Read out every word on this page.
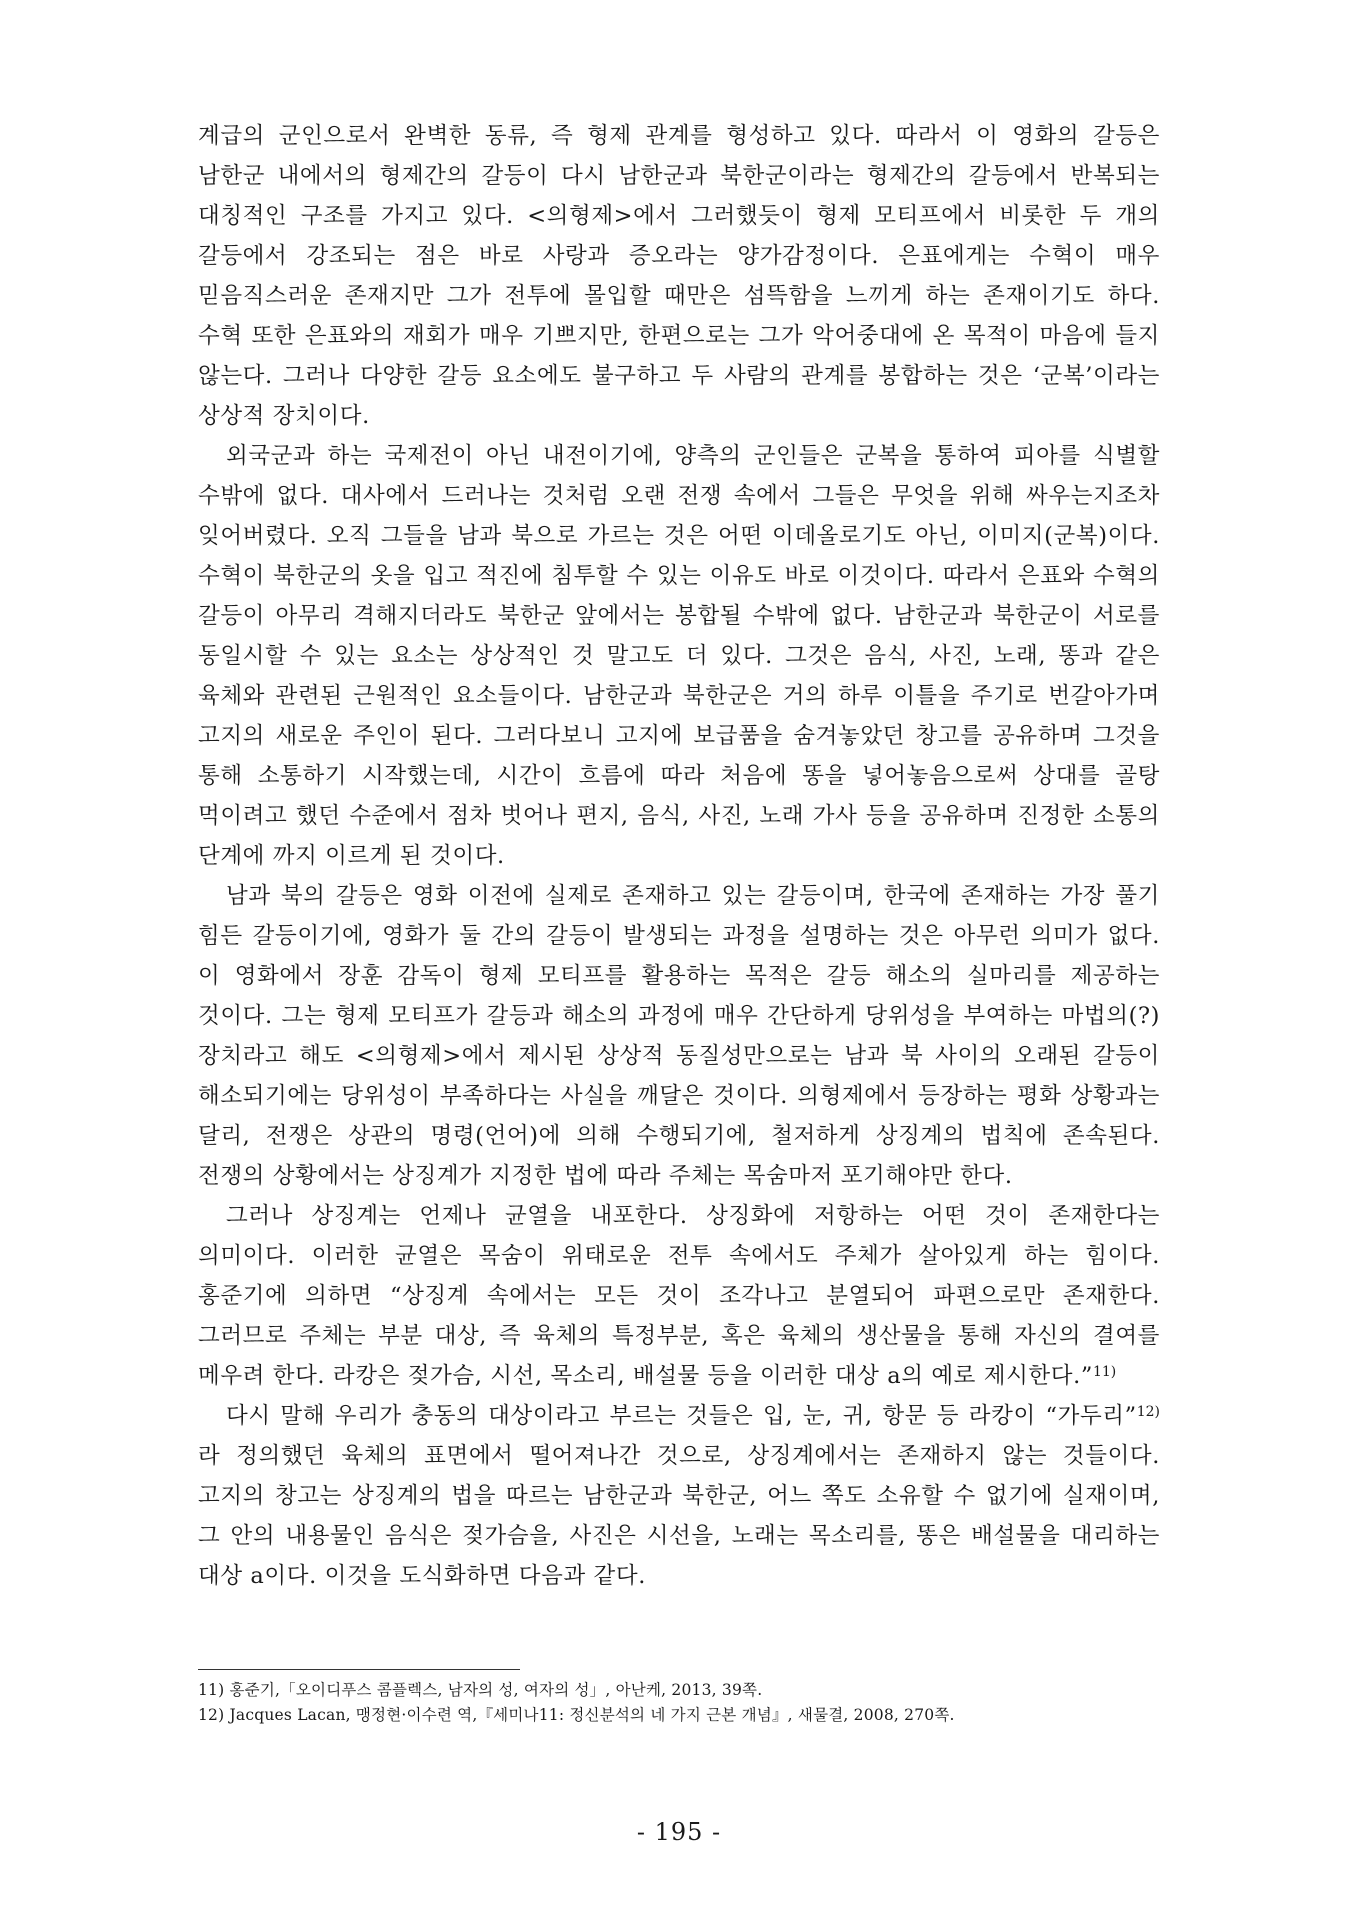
계급의 군인으로서 완벽한 동류, 즉 형제 관계를 형성하고 있다. 따라서 이 영화의 갈등은 남한군 내에서의 형제간의 갈등이 다시 남한군과 북한군이라는 형제간의 갈등에서 반복되는 대칭적인 구조를 가지고 있다. <의형제>에서 그러했듯이 형제 모티프에서 비롯한 두 개의 갈등에서 강조되는 점은 바로 사랑과 증오라는 양가감정이다. 은표에게는 수혁이 매우 믿음직스러운 존재지만 그가 전투에 몰입할 때만은 섬뜩함을 느끼게 하는 존재이기도 하다. 수혁 또한 은표와의 재회가 매우 기쁘지만, 한편으로는 그가 악어중대에 온 목적이 마음에 들지 않는다. 그러나 다양한 갈등 요소에도 불구하고 두 사람의 관계를 봉합하는 것은 ‘군복’이라는 상상적 장치이다.

외국군과 하는 국제전이 아닌 내전이기에, 양측의 군인들은 군복을 통하여 피아를 식별할 수밖에 없다. 대사에서 드러나는 것처럼 오랜 전쟁 속에서 그들은 무엇을 위해 싸우는지조차 잊어버렸다. 오직 그들을 남과 북으로 가르는 것은 어떤 이데올로기도 아닌, 이미지(군복)이다. 수혁이 북한군의 옷을 입고 적진에 침투할 수 있는 이유도 바로 이것이다. 따라서 은표와 수혁의 갈등이 아무리 격해지더라도 북한군 앞에서는 봉합될 수밖에 없다. 남한군과 북한군이 서로를 동일시할 수 있는 요소는 상상적인 것 말고도 더 있다. 그것은 음식, 사진, 노래, 똥과 같은 육체와 관련된 근원적인 요소들이다. 남한군과 북한군은 거의 하루 이틀을 주기로 번갈아가며 고지의 새로운 주인이 된다. 그러다보니 고지에 보급품을 숨겨놓았던 창고를 공유하며 그것을 통해 소통하기 시작했는데, 시간이 흐름에 따라 처음에 똥을 넣어놓음으로써 상대를 골탕 먹이려고 했던 수준에서 점차 벗어나 편지, 음식, 사진, 노래 가사 등을 공유하며 진정한 소통의 단계에 까지 이르게 된 것이다.

남과 북의 갈등은 영화 이전에 실제로 존재하고 있는 갈등이며, 한국에 존재하는 가장 풀기 힘든 갈등이기에, 영화가 둘 간의 갈등이 발생되는 과정을 설명하는 것은 아무런 의미가 없다. 이 영화에서 장훈 감독이 형제 모티프를 활용하는 목적은 갈등 해소의 실마리를 제공하는 것이다. 그는 형제 모티프가 갈등과 해소의 과정에 매우 간단하게 당위성을 부여하는 마법의(?) 장치라고 해도 <의형제>에서 제시된 상상적 동질성만으로는 남과 북 사이의 오래된 갈등이 해소되기에는 당위성이 부족하다는 사실을 깨달은 것이다. 의형제에서 등장하는 평화 상황과는 달리, 전쟁은 상관의 명령(언어)에 의해 수행되기에, 철저하게 상징계의 법칙에 존속된다. 전쟁의 상황에서는 상징계가 지정한 법에 따라 주체는 목숨마저 포기해야만 한다.

그러나 상징계는 언제나 균열을 내포한다. 상징화에 저항하는 어떤 것이 존재한다는 의미이다. 이러한 균열은 목숨이 위태로운 전투 속에서도 주체가 살아있게 하는 힘이다. 홍준기에 의하면 “상징계 속에서는 모든 것이 조각나고 분열되어 파편으로만 존재한다. 그러므로 주체는 부분 대상, 즉 육체의 특정부분, 혹은 육체의 생산물을 통해 자신의 결여를 메우려 한다. 라캉은 젖가슴, 시선, 목소리, 배설물 등을 이러한 대상 a의 예로 제시한다.”$^{11)}$

다시 말해 우리가 충동의 대상이라고 부르는 것들은 입, 눈, 귀, 항문 등 라캉이 “가두리”$^{12)}$ 라 정의했던 육체의 표면에서 떨어져나간 것으로, 상징계에서는 존재하지 않는 것들이다. 고지의 창고는 상징계의 법을 따르는 남한군과 북한군, 어느 쪽도 소유할 수 없기에 실재이며, 그 안의 내용물인 음식은 젖가슴을, 사진은 시선을, 노래는 목소리를, 똥은 배설물을 대리하는 대상 a이다. 이것을 도식화하면 다음과 같다.

11) 홍준기,「오이디푸스 콤플렉스, 남자의 성, 여자의 성」, 아난케, 2013, 39쪽.

12) Jacques Lacan, 맹정현·이수련 역,『세미나11: 정신분석의 네 가지 근본 개념』, 새물결, 2008, 270쪽.

- 195 -
